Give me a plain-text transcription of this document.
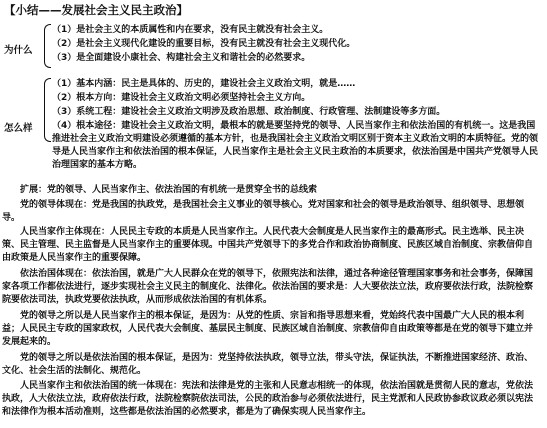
【小结——发展社会主义民主政治】
为什么
（1）是社会主义的本质属性和内在要求，没有民主就没有社会主义。
（2）是社会主义现代化建设的重要目标，没有民主就没有社会主义现代化。
（3）是全面建设小康社会、构建社会主义和谐社会的必然要求。
怎么样
（1）基本内涵：民主是具体的、历史的，建设社会主义政治文明，就是……
（2）根本方向：建设社会主义政治文明必须坚持社会主义方向。
（3）系统工程：建设社会主义政治文明涉及政治思想、政治制度、行政管理、法制建设等多方面。
（4）根本途径：建设社会主义政治文明，最根本的就是要坚持党的领导、人民当家作主和依法治国的有机统一。这是我国推进社会主义政治文明建设必须遵循的基本方针，也是我国社会主义政治文明区别于资本主义政治文明的本质特征。党的领导是人民当家作主和依法治国的根本保证，人民当家作主是社会主义民主政治的本质要求，依法治国是中国共产党领导人民治理国家的基本方略。
扩展：党的领导、人民当家作主、依法治国的有机统一是贯穿全书的总线索
党的领导体现在：党是我国的执政党，是我国社会主义事业的领导核心。党对国家和社会的领导是政治领导、组织领导、思想领导。
人民当家作主体现在：人民民主专政的本质是人民当家作主。人民代表大会制度是人民当家作主的最高形式。民主选举、民主决策、民主管理、民主监督是人民当家作主的重要体现。中国共产党领导下的多党合作和政治协商制度、民族区域自治制度、宗教信仰自由政策是人民当家作主的重要保障。
依法治国体现在：依法治国，就是广大人民群众在党的领导下，依照宪法和法律，通过各种途径管理国家事务和社会事务，保障国家各项工作都依法进行，逐步实现社会主义民主的制度化、法律化。依法治国的要求是：人大要依法立法，政府要依法行政，法院检察院要依法司法，执政党要依法执政，从而形成依法治国的有机体系。
党的领导之所以是人民当家作主的根本保证，是因为：从党的性质、宗旨和指导思想来看，党始终代表中国最广大人民的根本利益；人民民主专政的国家政权，人民代表大会制度、基层民主制度、民族区域自治制度、宗教信仰自由政策等都是在党的领导下建立并发展起来的。
党的领导之所以是依法治国的根本保证，是因为：党坚持依法执政，领导立法，带头守法，保证执法，不断推进国家经济、政治、文化、社会生活的法制化、规范化。
人民当家作主和依法治国的统一体现在：宪法和法律是党的主张和人民意志相统一的体现，依法治国就是贯彻人民的意志，党依法执政，人大依法立法，政府依法行政，法院检察院依法司法，公民的政治参与必须依法进行，民主党派和人民政协参政议政必须以宪法和法律作为根本活动准则，这些都是依法治国的必然要求，都是为了确保实现人民当家作主。
